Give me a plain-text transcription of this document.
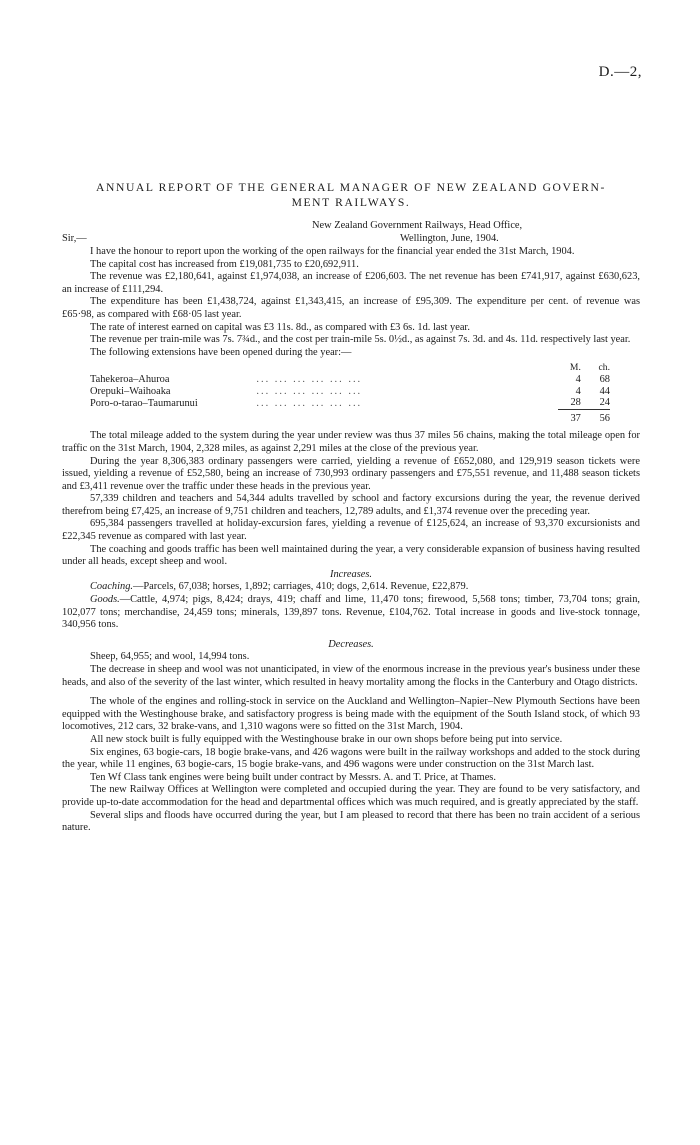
D.—2,
ANNUAL REPORT OF THE GENERAL MANAGER OF NEW ZEALAND GOVERN-
MENT RAILWAYS.
New Zealand Government Railways, Head Office,
Sir,—	Wellington, June, 1904.

I have the honour to report upon the working of the open railways for the financial year ended the 31st March, 1904.

The capital cost has increased from £19,081,735 to £20,692,911.

The revenue was £2,180,641, against £1,974,038, an increase of £206,603. The net revenue has been £741,917, against £630,623, an increase of £111,294.

The expenditure has been £1,438,724, against £1,343,415, an increase of £95,309. The expenditure per cent. of revenue was £65·98, as compared with £68·05 last year.

The rate of interest earned on capital was £3 11s. 8d., as compared with £3 6s. 1d. last year.

The revenue per train-mile was 7s. 7¾d., and the cost per train-mile 5s. 0½d., as against 7s. 3d. and 4s. 11d. respectively last year.

The following extensions have been opened during the year:—

		M.	ch.
Tahekeroa–Ahuroa	... ... ... ... ... ...	4	68
Orepuki–Waihoaka	... ... ... ... ... ...	4	44
Poro-o-tarao–Taumarunui	... ... ... ... ... ...	28	24

		37	56

The total mileage added to the system during the year under review was thus 37 miles 56 chains, making the total mileage open for traffic on the 31st March, 1904, 2,328 miles, as against 2,291 miles at the close of the previous year.

During the year 8,306,383 ordinary passengers were carried, yielding a revenue of £652,080, and 129,919 season tickets were issued, yielding a revenue of £52,580, being an increase of 730,993 ordinary passengers and £75,551 revenue, and 11,488 season tickets and £3,411 revenue over the traffic under these heads in the previous year.

57,339 children and teachers and 54,344 adults travelled by school and factory excursions during the year, the revenue derived therefrom being £7,425, an increase of 9,751 children and teachers, 12,789 adults, and £1,374 revenue over the preceding year.

695,384 passengers travelled at holiday-excursion fares, yielding a revenue of £125,624, an increase of 93,370 excursionists and £22,345 revenue as compared with last year.

The coaching and goods traffic has been well maintained during the year, a very considerable expansion of business having resulted under all heads, except sheep and wool.

Increases.

Coaching.—Parcels, 67,038; horses, 1,892; carriages, 410; dogs, 2,614. Revenue, £22,879.

Goods.—Cattle, 4,974; pigs, 8,424; drays, 419; chaff and lime, 11,470 tons; firewood, 5,568 tons; timber, 73,704 tons; grain, 102,077 tons; merchandise, 24,459 tons; minerals, 139,897 tons. Revenue, £104,762. Total increase in goods and live-stock tonnage, 340,956 tons.

Decreases.

Sheep, 64,955; and wool, 14,994 tons.

The decrease in sheep and wool was not unanticipated, in view of the enormous increase in the previous year's business under these heads, and also of the severity of the last winter, which resulted in heavy mortality among the flocks in the Canterbury and Otago districts.

The whole of the engines and rolling-stock in service on the Auckland and Wellington–Napier–New Plymouth Sections have been equipped with the Westinghouse brake, and satisfactory progress is being made with the equipment of the South Island stock, of which 93 locomotives, 212 cars, 32 brake-vans, and 1,310 wagons were so fitted on the 31st March, 1904.

All new stock built is fully equipped with the Westinghouse brake in our own shops before being put into service.

Six engines, 63 bogie-cars, 18 bogie brake-vans, and 426 wagons were built in the railway workshops and added to the stock during the year, while 11 engines, 63 bogie-cars, 15 bogie brake-vans, and 496 wagons were under construction on the 31st March last.

Ten Wf Class tank engines were being built under contract by Messrs. A. and T. Price, at Thames.

The new Railway Offices at Wellington were completed and occupied during the year. They are found to be very satisfactory, and provide up-to-date accommodation for the head and departmental offices which was much required, and is greatly appreciated by the staff.

Several slips and floods have occurred during the year, but I am pleased to record that there has been no train accident of a serious nature.
